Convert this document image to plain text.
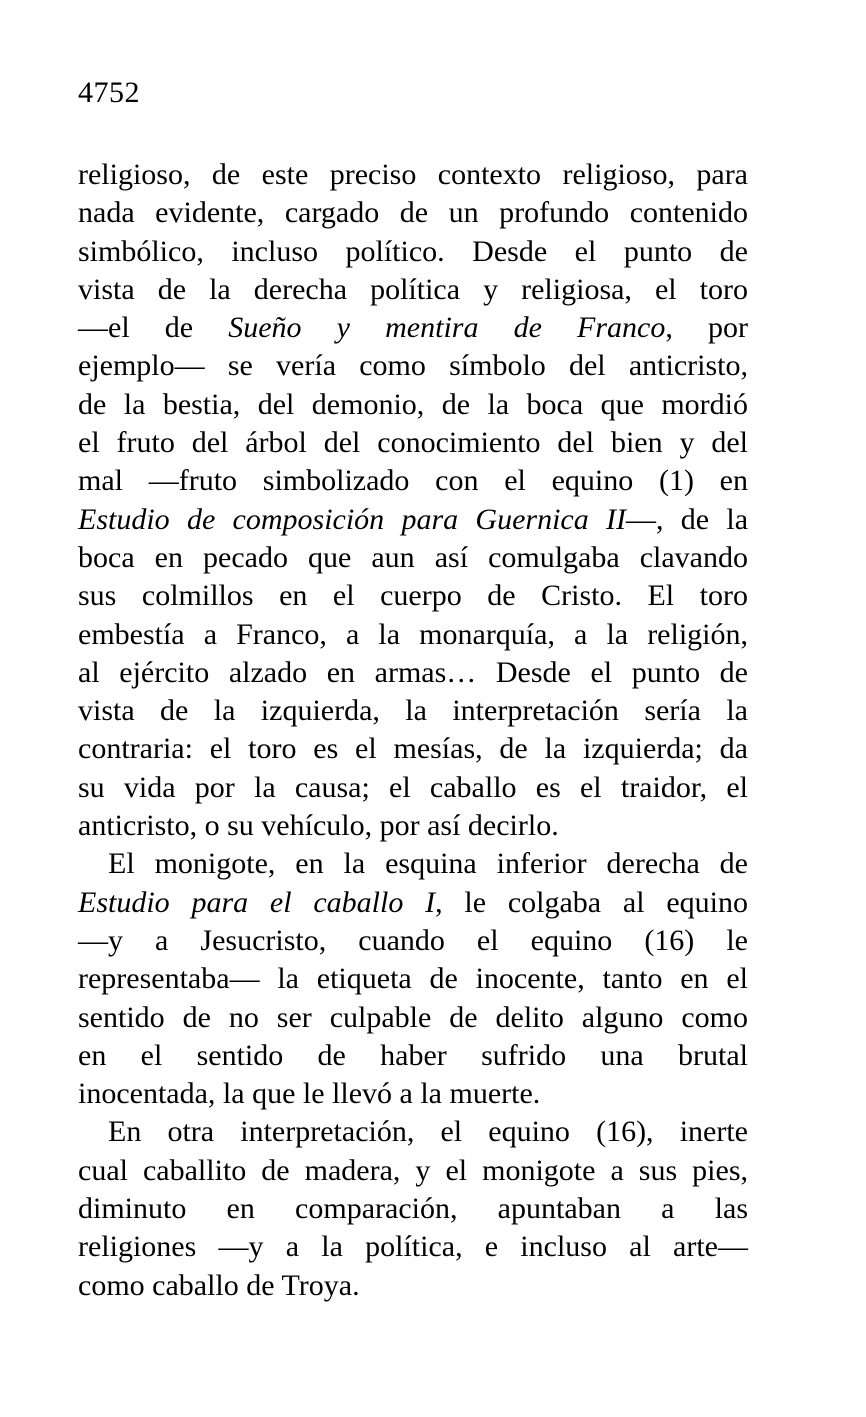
4752
religioso, de este preciso contexto religioso, para
nada evidente, cargado de un profundo contenido
simbólico, incluso político. Desde el punto de
vista de la derecha política y religiosa, el toro
—el de Sueño y mentira de Franco, por
ejemplo— se vería como símbolo del anticristo,
de la bestia, del demonio, de la boca que mordió
el fruto del árbol del conocimiento del bien y del
mal —fruto simbolizado con el equino (1) en
Estudio de composición para Guernica II—, de la
boca en pecado que aun así comulgaba clavando
sus colmillos en el cuerpo de Cristo. El toro
embestía a Franco, a la monarquía, a la religión,
al ejército alzado en armas… Desde el punto de
vista de la izquierda, la interpretación sería la
contraria: el toro es el mesías, de la izquierda; da
su vida por la causa; el caballo es el traidor, el
anticristo, o su vehículo, por así decirlo.
El monigote, en la esquina inferior derecha de
Estudio para el caballo I, le colgaba al equino
—y a Jesucristo, cuando el equino (16) le
representaba— la etiqueta de inocente, tanto en el
sentido de no ser culpable de delito alguno como
en el sentido de haber sufrido una brutal
inocentada, la que le llevó a la muerte.
En otra interpretación, el equino (16), inerte
cual caballito de madera, y el monigote a sus pies,
diminuto en comparación, apuntaban a las
religiones —y a la política, e incluso al arte—
como caballo de Troya.
